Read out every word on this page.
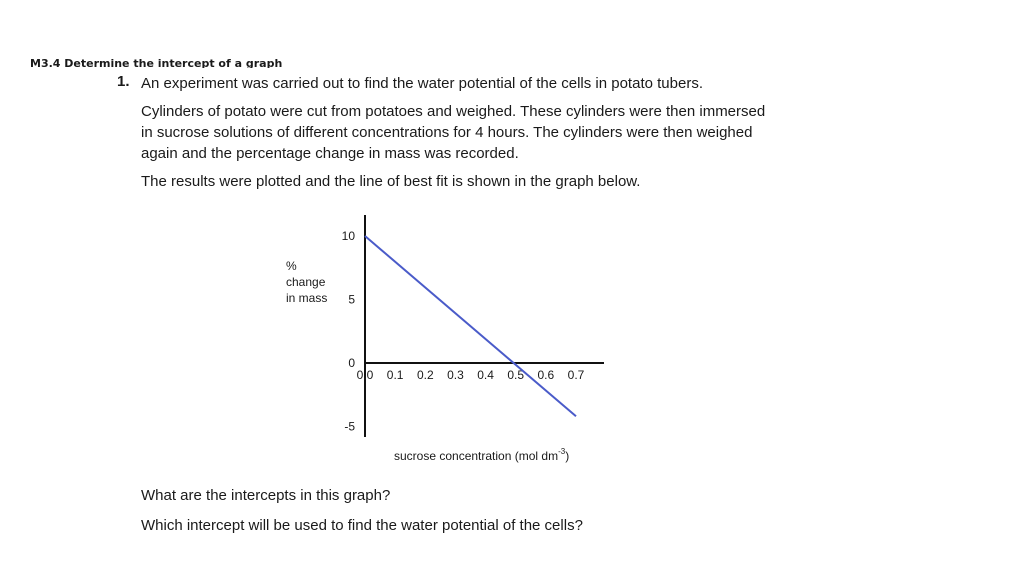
M3.4 Determine the intercept of a graph
1. An experiment was carried out to find the water potential of the cells in potato tubers.

Cylinders of potato were cut from potatoes and weighed. These cylinders were then immersed in sucrose solutions of different concentrations for 4 hours. The cylinders were then weighed again and the percentage change in mass was recorded.

The results were plotted and the line of best fit is shown in the graph below.

10
5
0
-5
0.0 0.1 0.2 0.3 0.4 0.5 0.6 0.7
%
change
in mass
sucrose concentration (mol $dm^{-3}$)

What are the intercepts in this graph?

Which intercept will be used to find the water potential of the cells?
